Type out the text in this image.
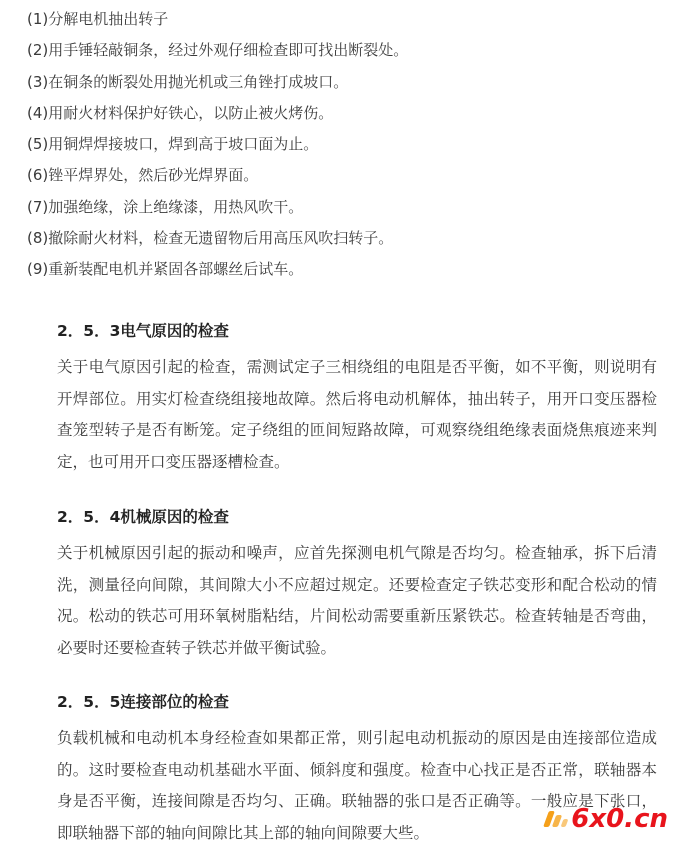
(1)分解电机抽出转子
(2)用手锤轻敲铜条，经过外观仔细检查即可找出断裂处。
(3)在铜条的断裂处用抛光机或三角锉打成坡口。
(4)用耐火材料保护好铁心，以防止被火烤伤。
(5)用铜焊焊接坡口，焊到高于坡口面为止。
(6)锉平焊界处，然后砂光焊界面。
(7)加强绝缘，涂上绝缘漆，用热风吹干。
(8)撤除耐火材料，检查无遗留物后用高压风吹扫转子。
(9)重新装配电机并紧固各部螺丝后试车。
2．5．3电气原因的检查

关于电气原因引起的检查，需测试定子三相绕组的电阻是否平衡，如不平衡，则说明有开焊部位。用实灯检查绕组接地故障。然后将电动机解体，抽出转子，用开口变压器检查笼型转子是否有断笼。定子绕组的匝间短路故障，可观察绕组绝缘表面烧焦痕迹来判定，也可用开口变压器逐槽检查。

2．5．4机械原因的检查

关于机械原因引起的振动和噪声，应首先探测电机气隙是否均匀。检查轴承，拆下后清洗，测量径向间隙，其间隙大小不应超过规定。还要检查定子铁芯变形和配合松动的情况。松动的铁芯可用环氧树脂粘结，片间松动需要重新压紧铁芯。检查转轴是否弯曲，必要时还要检查转子铁芯并做平衡试验。

2．5．5连接部位的检查

负载机械和电动机本身经检查如果都正常，则引起电动机振动的原因是由连接部位造成的。这时要检查电动机基础水平面、倾斜度和强度。检查中心找正是否正常，联轴器本身是否平衡，连接间隙是否均匀、正确。联轴器的张口是否正确等。一般应是下张口，即联轴器下部的轴向间隙比其上部的轴向间隙要大些。	6x0.cn
